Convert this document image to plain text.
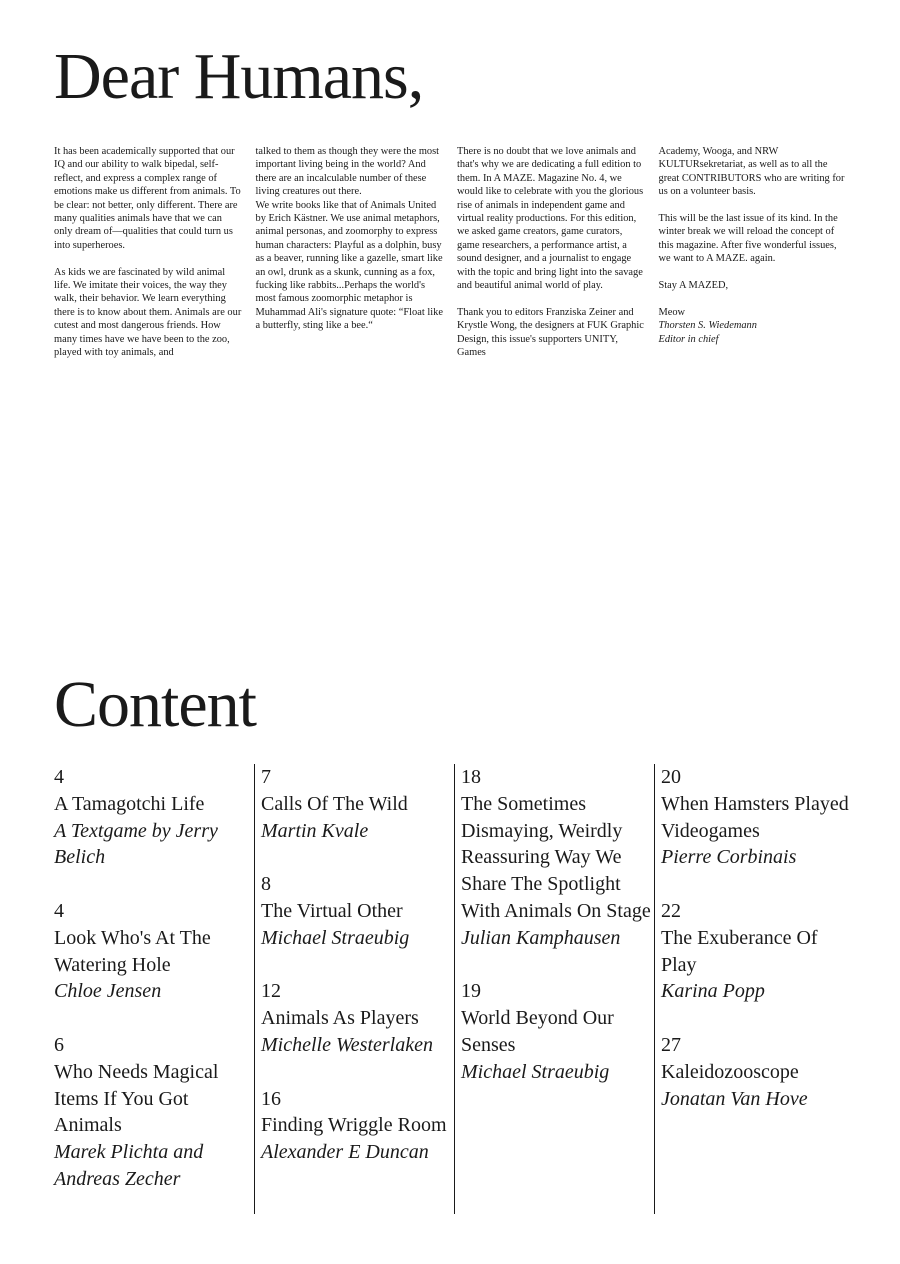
Dear Humans,

It has been academically supported that our IQ and our ability to walk bipedal, self-reflect, and express a complex range of emotions make us different from animals. To be clear: not better, only different. There are many qualities animals have that we can only dream of—qualities that could turn us into superheroes.

As kids we are fascinated by wild animal life. We imitate their voices, the way they walk, their behavior. We learn everything there is to know about them. Animals are our cutest and most dangerous friends. How many times have we have been to the zoo, played with toy animals, and

talked to them as though they were the most important living being in the world? And there are an incalculable number of these living creatures out there.

We write books like that of Animals United by Erich Kästner. We use animal metaphors, animal personas, and zoomorphy to express human characters: Playful as a dolphin, busy as a beaver, running like a gazelle, smart like an owl, drunk as a skunk, cunning as a fox, fucking like rabbits...Perhaps the world's most famous zoomorphic metaphor is Muhammad Ali's signature quote: “Float like a butterfly, sting like a bee.“

There is no doubt that we love animals and that's why we are dedicating a full edition to them. In A MAZE. Magazine No. 4, we would like to celebrate with you the glorious rise of animals in independent game and virtual reality productions. For this edition, we asked game creators, game curators, game researchers, a performance artist, a sound designer, and a journalist to engage with the topic and bring light into the savage and beautiful animal world of play.

Thank you to editors Franziska Zeiner and Krystle Wong, the designers at FUK Graphic Design, this issue's supporters UNITY, Games

Academy, Wooga, and NRW KULTURsekretariat, as well as to all the great CONTRIBUTORS who are writing for us on a volunteer basis.

This will be the last issue of its kind. In the winter break we will reload the concept of this magazine. After five wonderful issues, we want to A MAZE. again.

Stay A MAZED,

Meow

Thorsten S. Wiedemann

Editor in chief

Content
4
A Tamagotchi Life
A Textgame by Jerry Belich
4
Look Who's At The Watering Hole
Chloe Jensen
6
Who Needs Magical Items If You Got Animals
Marek Plichta and Andreas Zecher
7
Calls Of The Wild
Martin Kvale
8
The Virtual Other
Michael Straeubig
12
Animals As Players
Michelle Westerlaken
16
Finding Wriggle Room
Alexander E Duncan
18
The Sometimes Dismaying, Weirdly Reassuring Way We Share The Spotlight With Animals On Stage
Julian Kamphausen
19
World Beyond Our Senses
Michael Straeubig
20
When Hamsters Played Videogames
Pierre Corbinais
22
The Exuberance Of Play
Karina Popp
27
Kaleidozooscope
Jonatan Van Hove
